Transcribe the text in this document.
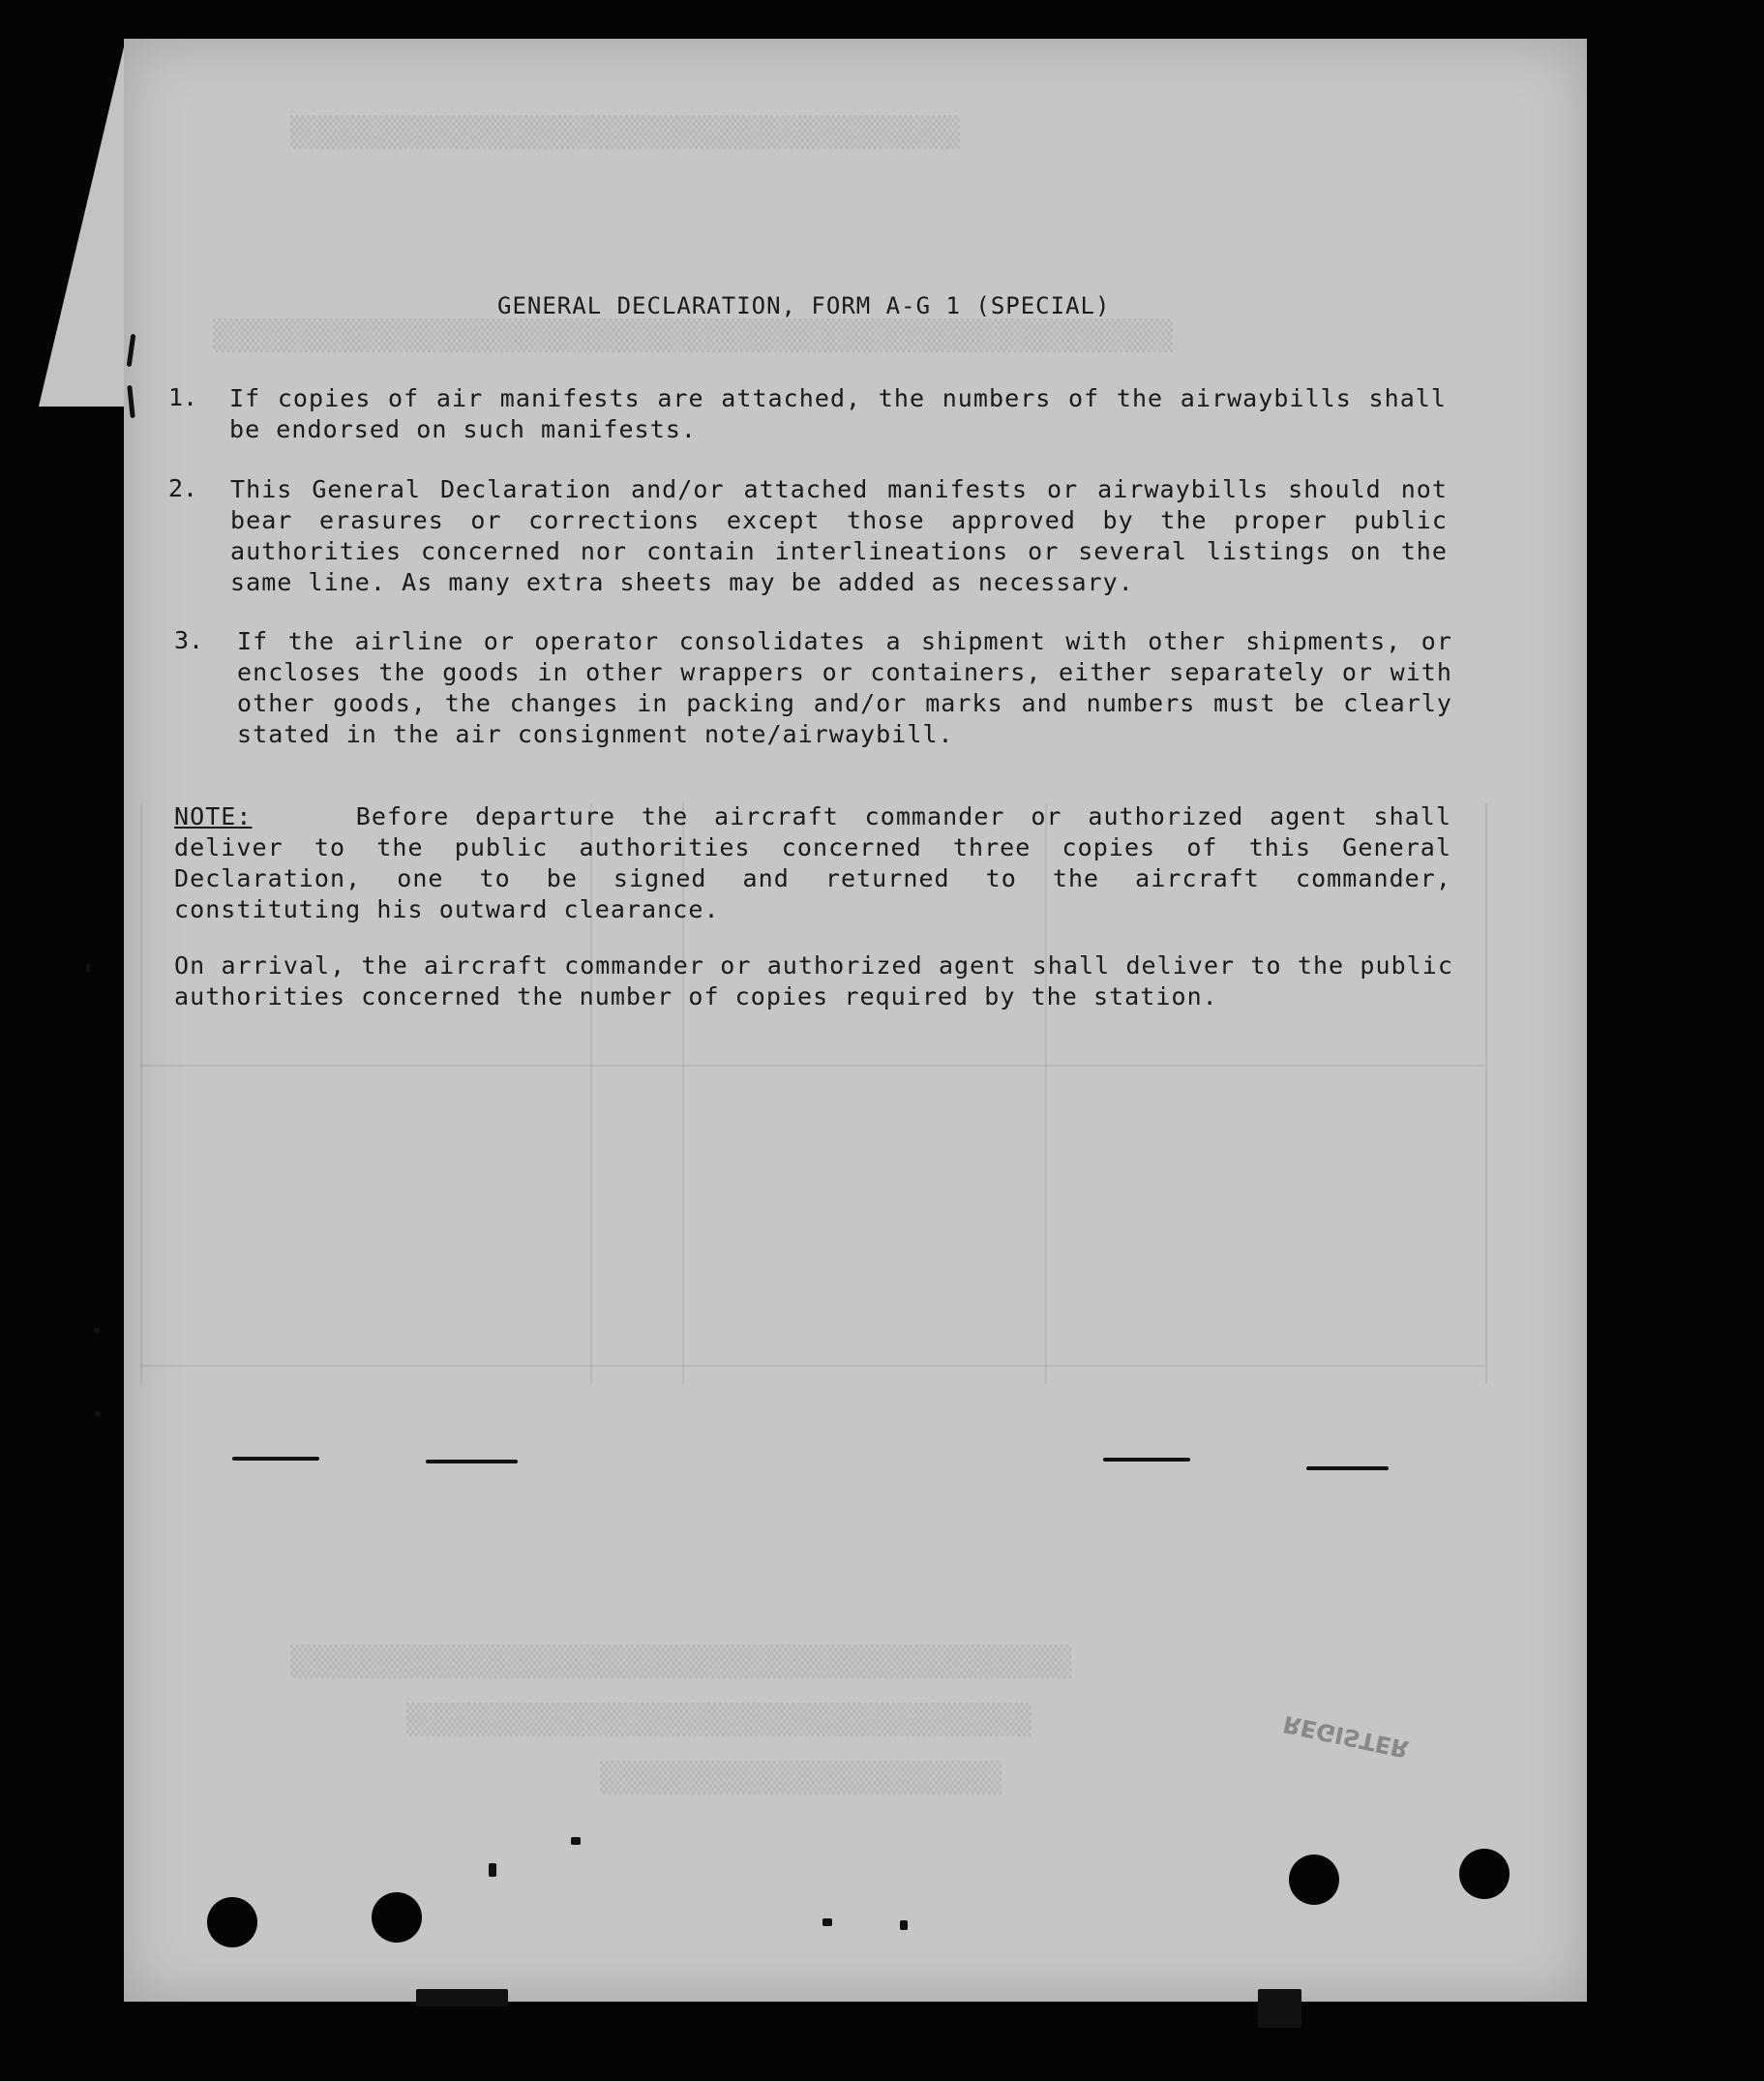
▒▒▒▒▒▒▒▒▒▒▒▒▒▒▒▒▒▒▒▒▒▒▒▒▒▒▒▒▒▒
▒▒▒▒▒▒▒▒▒▒▒▒▒▒▒▒▒▒▒▒▒▒▒▒▒▒▒▒▒▒▒▒▒▒▒▒▒▒▒▒▒▒▒
▒▒▒▒▒▒▒▒▒▒▒▒▒▒▒▒▒▒▒▒▒▒▒▒▒▒▒▒▒▒▒▒▒▒▒
▒▒▒▒▒▒▒▒▒▒▒▒▒▒▒▒▒▒▒▒▒▒▒▒▒▒▒▒
▒▒▒▒▒▒▒▒▒▒▒▒▒▒▒▒▒▒
GENERAL DECLARATION, FORM A-G 1 (SPECIAL)
1. If copies of air manifests are attached, the numbers of the airwaybills shall be endorsed on such manifests.
2. This General Declaration and/or attached manifests or airwaybills should not bear erasures or corrections except those approved by the proper public authorities concerned nor contain interlineations or several listings on the same line. As many extra sheets may be added as necessary.
3. If the airline or operator consolidates a shipment with other shipments, or encloses the goods in other wrappers or containers, either separately or with other goods, the changes in packing and/or marks and numbers must be clearly stated in the air consignment note/airwaybill.
NOTE:	Before departure the aircraft commander or authorized agent shall deliver to the public authorities concerned three copies of this General Declaration, one to be signed and returned to the aircraft commander, constituting his outward clearance.
On arrival, the aircraft commander or authorized agent shall deliver to the public authorities concerned the number of copies required by the station.
REGISTER
